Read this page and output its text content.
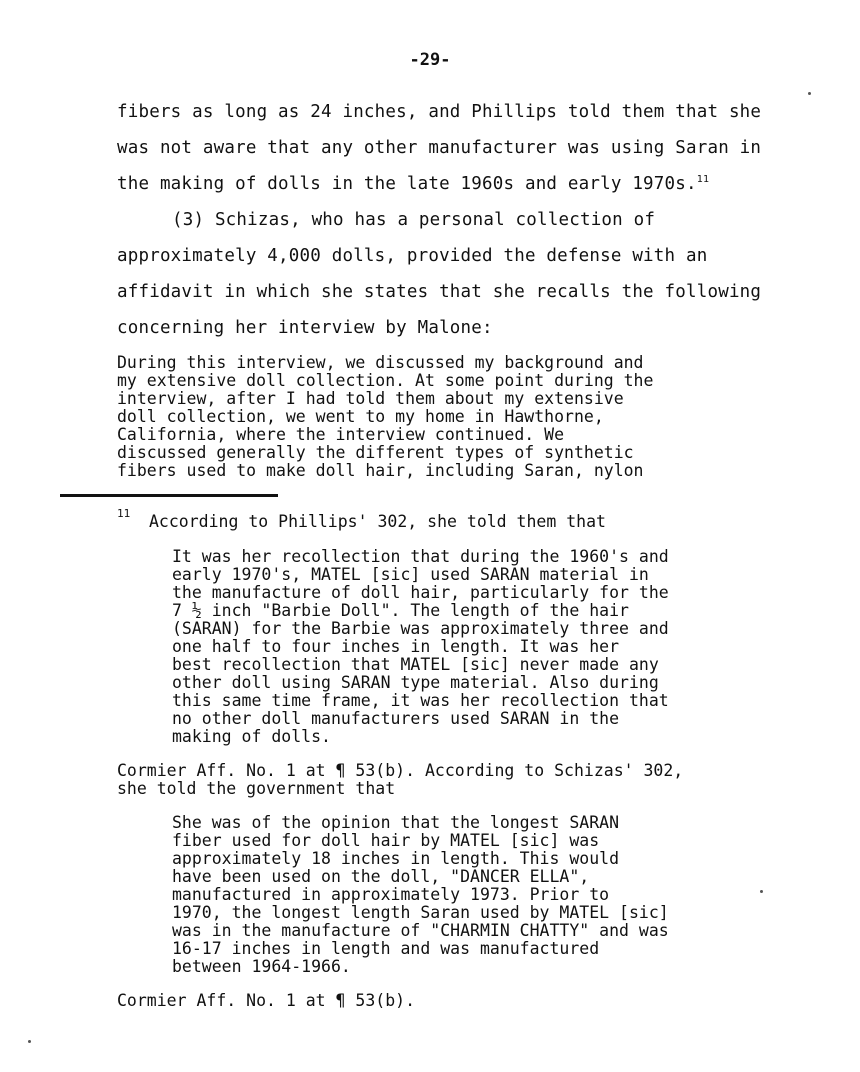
-29-
fibers as long as 24 inches, and Phillips told them that she
was not aware that any other manufacturer was using Saran in
the making of dolls in the late 1960s and early 1970s.$^{11}$
(3) Schizas, who has a personal collection of
approximately 4,000 dolls, provided the defense with an
affidavit in which she states that she recalls the following
concerning her interview by Malone:
During this interview, we discussed my background and
my extensive doll collection. At some point during the
interview, after I had told them about my extensive
doll collection, we went to my home in Hawthorne,
California, where the interview continued. We
discussed generally the different types of synthetic
fibers used to make doll hair, including Saran, nylon
11 According to Phillips' 302, she told them that
It was her recollection that during the 1960's and
early 1970's, MATEL [sic] used SARAN material in
the manufacture of doll hair, particularly for the
7 ½ inch "Barbie Doll". The length of the hair
(SARAN) for the Barbie was approximately three and
one half to four inches in length. It was her
best recollection that MATEL [sic] never made any
other doll using SARAN type material. Also during
this same time frame, it was her recollection that
no other doll manufacturers used SARAN in the
making of dolls.
Cormier Aff. No. 1 at ¶ 53(b). According to Schizas' 302,
she told the government that
She was of the opinion that the longest SARAN
fiber used for doll hair by MATEL [sic] was
approximately 18 inches in length. This would
have been used on the doll, "DANCER ELLA",
manufactured in approximately 1973. Prior to
1970, the longest length Saran used by MATEL [sic]
was in the manufacture of "CHARMIN CHATTY" and was
16-17 inches in length and was manufactured
between 1964-1966.
Cormier Aff. No. 1 at ¶ 53(b).
